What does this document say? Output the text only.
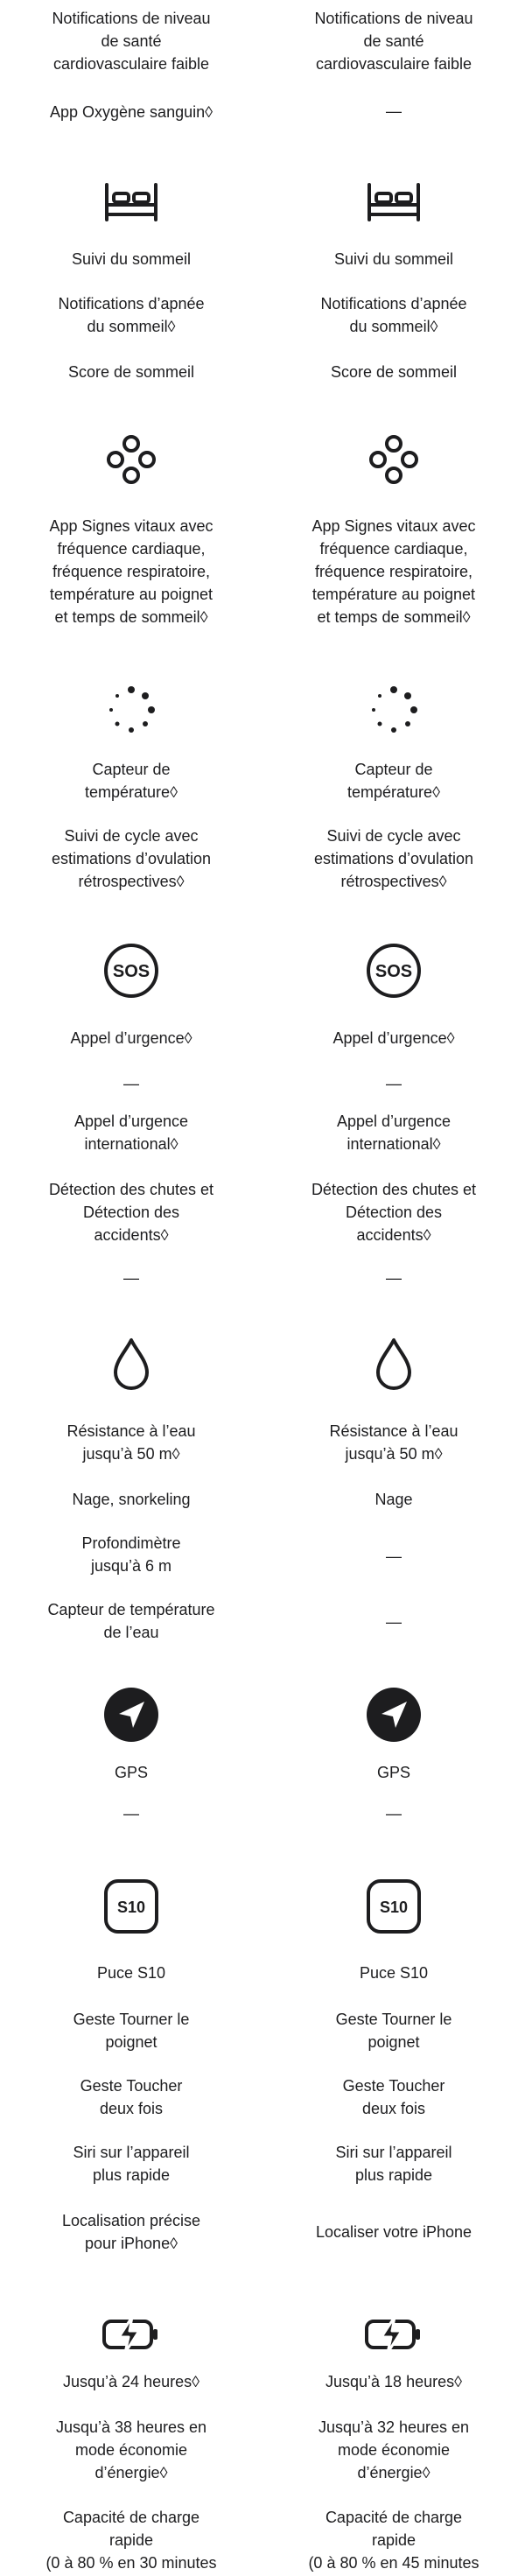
Notifications de niveau
de santé
cardiovasculaire faible
App Oxygène sanguin◊
Suivi du sommeil
Notifications d’apnée
du sommeil◊
Score de sommeil
App Signes vitaux avec
fréquence cardiaque,
fréquence respiratoire,
température au poignet
et temps de sommeil◊
Capteur de
température◊
Suivi de cycle avec
estimations d’ovulation
rétrospectives◊
SOS
Appel d’urgence◊
—
Appel d’urgence
international◊
Détection des chutes et
Détection des
accidents◊
—
Résistance à l’eau
jusqu’à 50 m◊
Nage, snorkeling
Profondimètre
jusqu’à 6 m
Capteur de température
de l’eau
GPS
—
S10
Puce S10
Geste Tourner le
poignet
Geste Toucher
deux fois
Siri sur l’appareil
plus rapide
Localisation précise
pour iPhone◊
Jusqu’à 24 heures◊
Jusqu’à 38 heures en
mode économie
d’énergie◊
Capacité de charge
rapide
(0 à 80 % en 30 minutes
Notifications de niveau
de santé
cardiovasculaire faible
—
Suivi du sommeil
Notifications d’apnée
du sommeil◊
Score de sommeil
App Signes vitaux avec
fréquence cardiaque,
fréquence respiratoire,
température au poignet
et temps de sommeil◊
Capteur de
température◊
Suivi de cycle avec
estimations d’ovulation
rétrospectives◊
SOS
Appel d’urgence◊
—
Appel d’urgence
international◊
Détection des chutes et
Détection des
accidents◊
—
Résistance à l’eau
jusqu’à 50 m◊
Nage
—
—
GPS
—
S10
Puce S10
Geste Tourner le
poignet
Geste Toucher
deux fois
Siri sur l’appareil
plus rapide
Localiser votre iPhone
Jusqu’à 18 heures◊
Jusqu’à 32 heures en
mode économie
d’énergie◊
Capacité de charge
rapide
(0 à 80 % en 45 minutes
